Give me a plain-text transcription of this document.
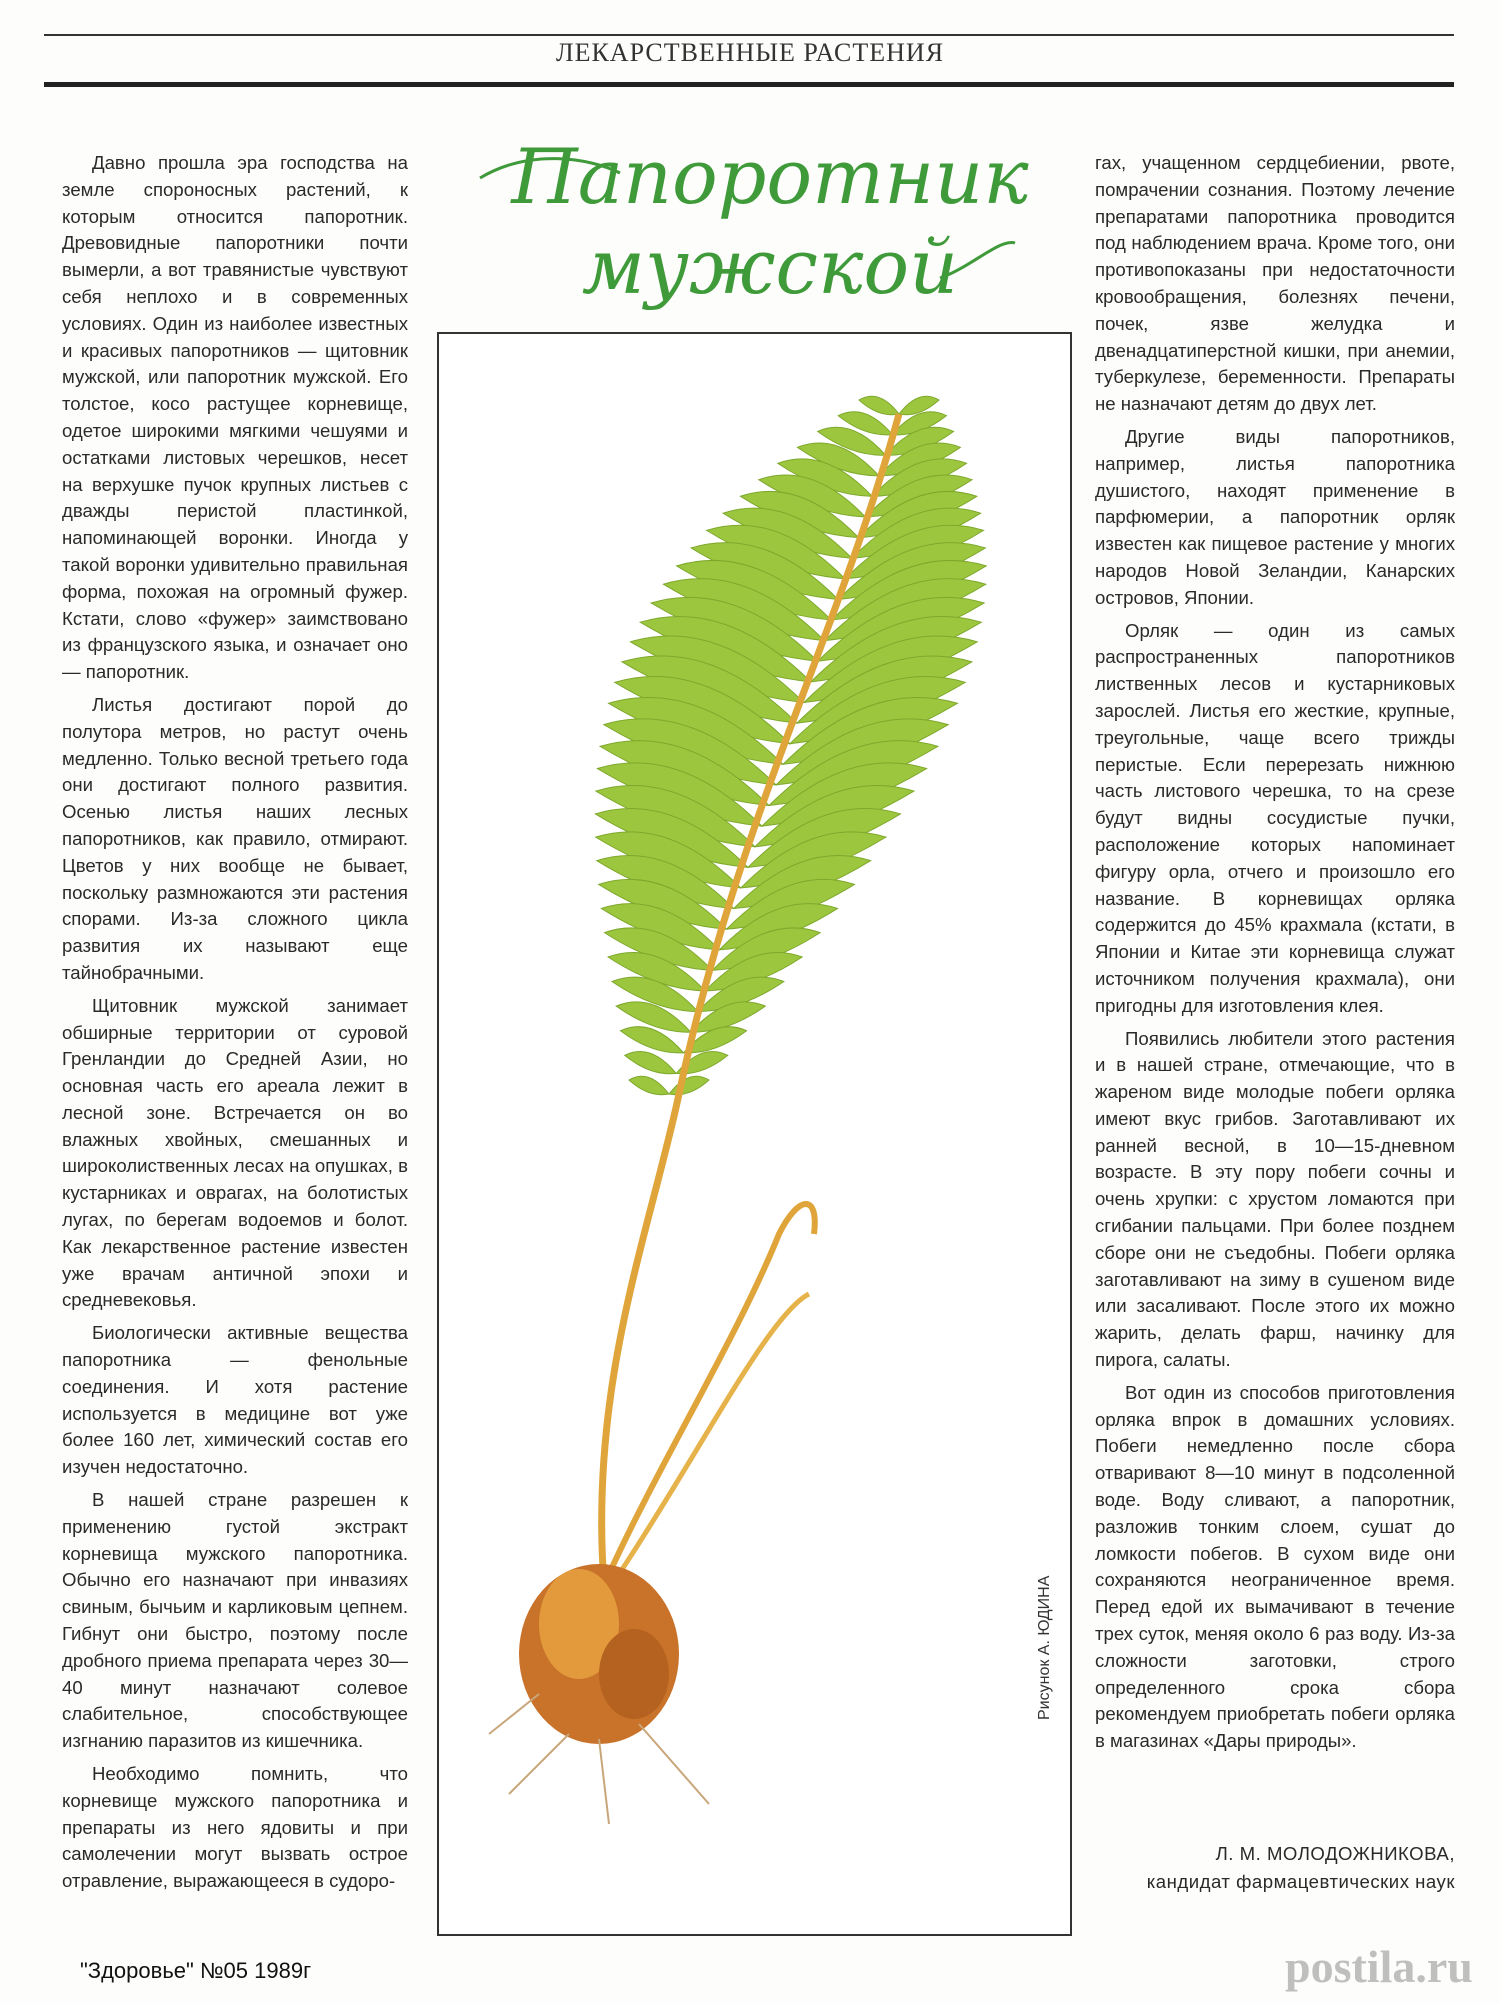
ЛЕКАРСТВЕННЫЕ РАСТЕНИЯ

Давно прошла эра господства на земле спороносных растений, к которым относится папоротник. Древовидные папоротники почти вымерли, а вот травянистые чувствуют себя неплохо и в современных условиях. Один из наиболее известных и красивых папоротников — щитовник мужской, или папоротник мужской. Его толстое, косо растущее корневище, одетое широкими мягкими чешуями и остатками листовых черешков, несет на верхушке пучок крупных листьев с дважды перистой пластинкой, напоминающей воронки. Иногда у такой воронки удивительно правильная форма, похожая на огромный фужер. Кстати, слово «фужер» заимствовано из французского языка, и означает оно — папоротник.

Листья достигают порой до полутора метров, но растут очень медленно. Только весной третьего года они достигают полного развития. Осенью листья наших лесных папоротников, как правило, отмирают. Цветов у них вообще не бывает, поскольку размножаются эти растения спорами. Из-за сложного цикла развития их называют еще тайнобрачными.

Щитовник мужской занимает обширные территории от суровой Гренландии до Средней Азии, но основная часть его ареала лежит в лесной зоне. Встречается он во влажных хвойных, смешанных и широколиственных лесах на опушках, в кустарниках и оврагах, на болотистых лугах, по берегам водоемов и болот. Как лекарственное растение известен уже врачам античной эпохи и средневековья.

Биологически активные вещества папоротника — фенольные соединения. И хотя растение используется в медицине вот уже более 160 лет, химический состав его изучен недостаточно.

В нашей стране разрешен к применению густой экстракт корневища мужского папоротника. Обычно его назначают при инвазиях свиным, бычьим и карликовым цепнем. Гибнут они быстро, поэтому после дробного приема препарата через 30—40 минут назначают солевое слабительное, способствующее изгнанию паразитов из кишечника.

Необходимо помнить, что корневище мужского папоротника и препараты из него ядовиты и при самолечении могут вызвать острое отравление, выражающееся в судоро-

Папоротник
мужской
Рисунок А. ЮДИНА

гах, учащенном сердцебиении, рвоте, помрачении сознания. Поэтому лечение препаратами папоротника проводится под наблюдением врача. Кроме того, они противопоказаны при недостаточности кровообращения, болезнях печени, почек, язве желудка и двенадцатиперстной кишки, при анемии, туберкулезе, беременности. Препараты не назначают детям до двух лет.

Другие виды папоротников, например, листья папоротника душистого, находят применение в парфюмерии, а папоротник орляк известен как пищевое растение у многих народов Новой Зеландии, Канарских островов, Японии.

Орляк — один из самых распространенных папоротников лиственных лесов и кустарниковых зарослей. Листья его жесткие, крупные, треугольные, чаще всего трижды перистые. Если перерезать нижнюю часть листового черешка, то на срезе будут видны сосудистые пучки, расположение которых напоминает фигуру орла, отчего и произошло его название. В корневищах орляка содержится до 45% крахмала (кстати, в Японии и Китае эти корневища служат источником получения крахмала), они пригодны для изготовления клея.

Появились любители этого растения и в нашей стране, отмечающие, что в жареном виде молодые побеги орляка имеют вкус грибов. Заготавливают их ранней весной, в 10—15-дневном возрасте. В эту пору побеги сочны и очень хрупки: с хрустом ломаются при сгибании пальцами. При более позднем сборе они не съедобны. Побеги орляка заготавливают на зиму в сушеном виде или засаливают. После этого их можно жарить, делать фарш, начинку для пирога, салаты.

Вот один из способов приготовления орляка впрок в домашних условиях. Побеги немедленно после сбора отваривают 8—10 минут в подсоленной воде. Воду сливают, а папоротник, разложив тонким слоем, сушат до ломкости побегов. В сухом виде они сохраняются неограниченное время. Перед едой их вымачивают в течение трех суток, меняя около 6 раз воду. Из-за сложности заготовки, строго определенного срока сбора рекомендуем приобретать побеги орляка в магазинах «Дары природы».

Л. М. МОЛОДОЖНИКОВА,
кандидат фармацевтических наук
"Здоровье" №05 1989г	postila.ru
